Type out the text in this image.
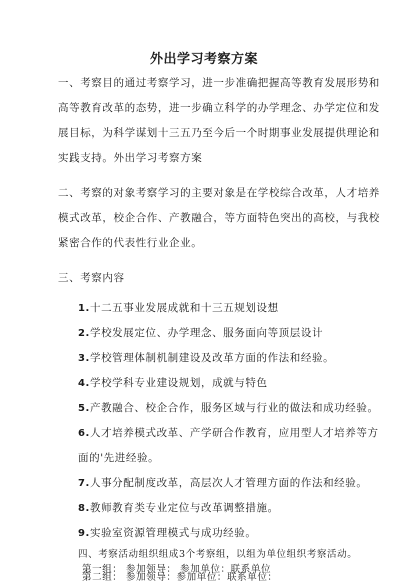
外出学习考察方案
一、考察目的通过考察学习，进一步准确把握高等教育发展形势和
高等教育改革的态势，进一步确立科学的办学理念、办学定位和发
展目标，为科学谋划十三五乃至今后一个时期事业发展提供理论和
实践支持。外出学习考察方案
二、考察的对象考察学习的主要对象是在学校综合改革，人才培养
模式改革，校企合作、产教融合，等方面特色突出的高校，与我校
紧密合作的代表性行业企业。
三、考察内容
1.十二五事业发展成就和十三五规划设想
2.学校发展定位、办学理念、服务面向等顶层设计
3.学校管理体制机制建设及改革方面的作法和经验。
4.学校学科专业建设规划，成就与特色
5.产教融合、校企合作，服务区域与行业的做法和成功经验。
6.人才培养模式改革、产学研合作教育，应用型人才培养等方
面的'先进经验。
7.人事分配制度改革，高层次人才管理方面的作法和经验。
8.教师教育类专业定位与改革调整措施。
9.实验室资源管理模式与成功经验。
四、考察活动组织组成3个考察组，以组为单位组织考察活动。
第一组： 参加领导： 参加单位：联系单位
第二组： 参加领导：参加单位：联系单位：
